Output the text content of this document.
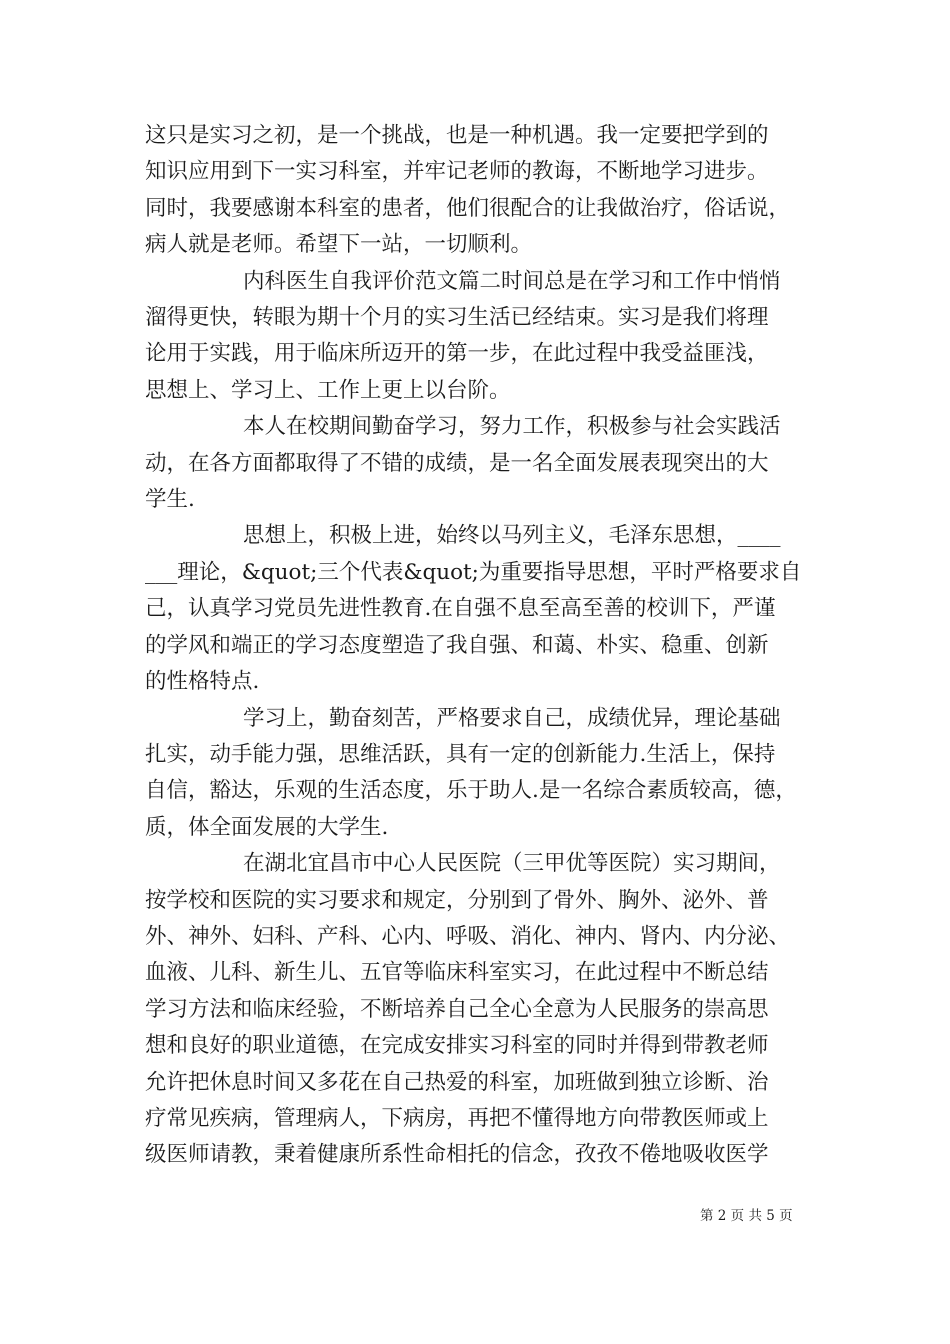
这只是实习之初，是一个挑战，也是一种机遇。我一定要把学到的
知识应用到下一实习科室，并牢记老师的教诲，不断地学习进步。
同时，我要感谢本科室的患者，他们很配合的让我做治疗，俗话说，
病人就是老师。希望下一站，一切顺利。

内科医生自我评价范文篇二时间总是在学习和工作中悄悄
溜得更快，转眼为期十个月的实习生活已经结束。实习是我们将理
论用于实践，用于临床所迈开的第一步，在此过程中我受益匪浅，
思想上、学习上、工作上更上以台阶。

本人在校期间勤奋学习，努力工作，积极参与社会实践活
动，在各方面都取得了不错的成绩，是一名全面发展表现突出的大
学生.

思想上，积极上进，始终以马列主义，毛泽东思想，____
___理论，&quot;三个代表&quot;为重要指导思想，平时严格要求自
己，认真学习党员先进性教育.在自强不息至高至善的校训下，严谨
的学风和端正的学习态度塑造了我自强、和蔼、朴实、稳重、创新
的性格特点.

学习上，勤奋刻苦，严格要求自己，成绩优异，理论基础
扎实，动手能力强，思维活跃，具有一定的创新能力.生活上，保持
自信，豁达，乐观的生活态度，乐于助人.是一名综合素质较高，德，
质，体全面发展的大学生.

在湖北宜昌市中心人民医院（三甲优等医院）实习期间，
按学校和医院的实习要求和规定，分别到了骨外、胸外、泌外、普
外、神外、妇科、产科、心内、呼吸、消化、神内、肾内、内分泌、
血液、儿科、新生儿、五官等临床科室实习，在此过程中不断总结
学习方法和临床经验，不断培养自己全心全意为人民服务的崇高思
想和良好的职业道德，在完成安排实习科室的同时并得到带教老师
允许把休息时间又多花在自己热爱的科室，加班做到独立诊断、治
疗常见疾病，管理病人，下病房，再把不懂得地方向带教医师或上
级医师请教，秉着健康所系性命相托的信念，孜孜不倦地吸收医学

第 2 页 共 5 页
